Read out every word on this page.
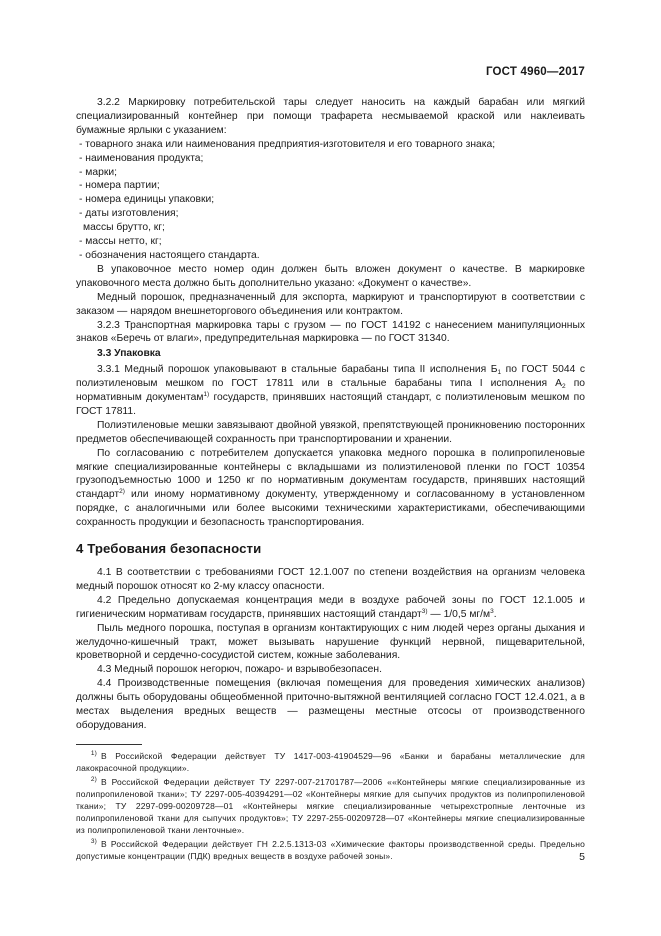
ГОСТ 4960—2017

3.2.2 Маркировку потребительской тары следует наносить на каждый барабан или мягкий специализированный контейнер при помощи трафарета несмываемой краской или наклеивать бумажные ярлыки с указанием:

- товарного знака или наименования предприятия-изготовителя и его товарного знака;

- наименования продукта;

- марки;

- номера партии;

- номера единицы упаковки;

- даты изготовления;

массы брутто, кг;

- массы нетто, кг;

- обозначения настоящего стандарта.

В упаковочное место номер один должен быть вложен документ о качестве. В маркировке упаковочного места должно быть дополнительно указано: «Документ о качестве».

Медный порошок, предназначенный для экспорта, маркируют и транспортируют в соответствии с заказом — нарядом внешнеторгового объединения или контрактом.

3.2.3 Транспортная маркировка тары с грузом — по ГОСТ 14192 с нанесением манипуляционных знаков «Беречь от влаги», предупредительная маркировка — по ГОСТ 31340.

3.3 Упаковка

3.3.1 Медный порошок упаковывают в стальные барабаны типа II исполнения $Б_1$ по ГОСТ 5044 с полиэтиленовым мешком по ГОСТ 17811 или в стальные барабаны типа I исполнения $А_2$ по нормативным документам$^{1)}$ государств, принявших настоящий стандарт, с полиэтиленовым мешком по ГОСТ 17811.

Полиэтиленовые мешки завязывают двойной увязкой, препятствующей проникновению посторонних предметов обеспечивающей сохранность при транспортировании и хранении.

По согласованию с потребителем допускается упаковка медного порошка в полипропиленовые мягкие специализированные контейнеры с вкладышами из полиэтиленовой пленки по ГОСТ 10354 грузоподъемностью 1000 и 1250 кг по нормативным документам государств, принявших настоящий стандарт$^{2)}$ или иному нормативному документу, утвержденному и согласованному в установленном порядке, с аналогичными или более высокими техническими характеристиками, обеспечивающими сохранность продукции и безопасность транспортирования.

4 Требования безопасности

4.1 В соответствии с требованиями ГОСТ 12.1.007 по степени воздействия на организм человека медный порошок относят ко 2-му классу опасности.

4.2 Предельно допускаемая концентрация меди в воздухе рабочей зоны по ГОСТ 12.1.005 и гигиеническим нормативам государств, принявших настоящий стандарт$^{3)}$ — 1/0,5 $мг/м^3$.

Пыль медного порошка, поступая в организм контактирующих с ним людей через органы дыхания и желудочно-кишечный тракт, может вызывать нарушение функций нервной, пищеварительной, кроветворной и сердечно-сосудистой систем, кожные заболевания.

4.3 Медный порошок негорюч, пожаро- и взрывобезопасен.

4.4 Производственные помещения (включая помещения для проведения химических анализов) должны быть оборудованы общеобменной приточно-вытяжной вентиляцией согласно ГОСТ 12.4.021, а в местах выделения вредных веществ — размещены местные отсосы от производственного оборудования.

$^{1)}$ В Российской Федерации действует ТУ 1417-003-41904529—96 «Банки и барабаны металлические для лакокрасочной продукции».

$^{2)}$ В Российской Федерации действует ТУ 2297-007-21701787—2006 ««Контейнеры мягкие специализированные из полипропиленовой ткани»; ТУ 2297-005-40394291—02 «Контейнеры мягкие для сыпучих продуктов из полипропиленовой ткани»; ТУ 2297-099-00209728—01 «Контейнеры мягкие специализированные четырехстропные ленточные из полипропиленовой ткани для сыпучих продуктов»; ТУ 2297-255-00209728—07 «Контейнеры мягкие специализированные из полипропиленовой ткани ленточные».

$^{3)}$ В Российской Федерации действует ГН 2.2.5.1313-03 «Химические факторы производственной среды. Предельно допустимые концентрации (ПДК) вредных веществ в воздухе рабочей зоны».	5
